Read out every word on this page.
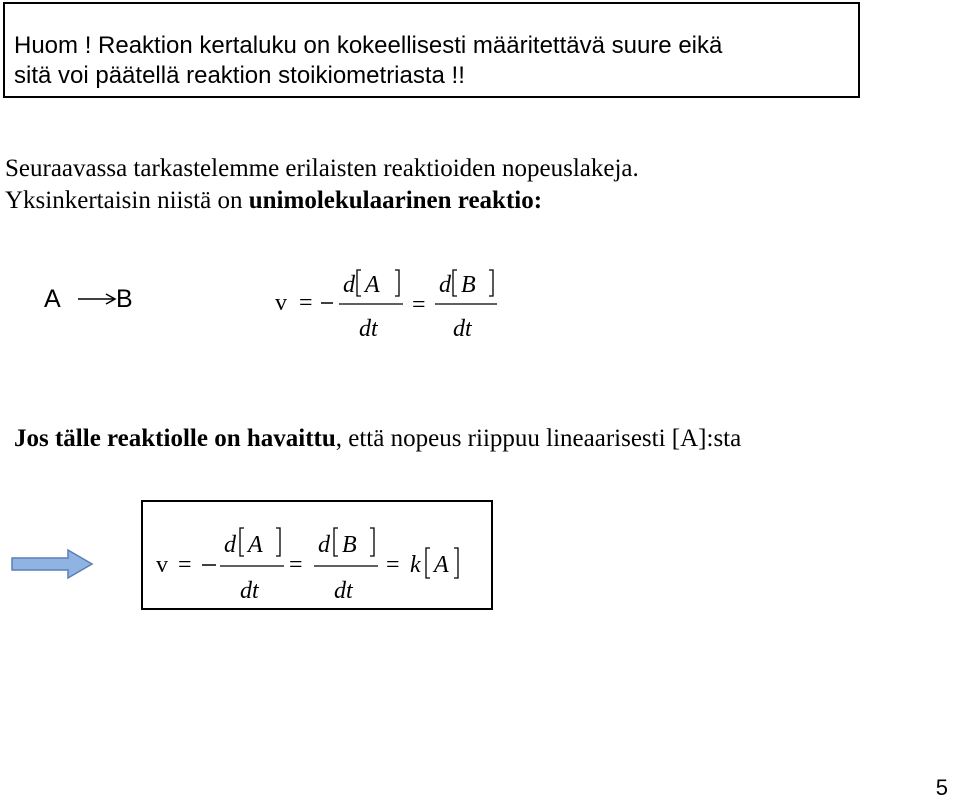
Huom ! Reaktion kertaluku on kokeellisesti määritettävä suure eikä
sitä voi päätellä reaktion stoikiometriasta !!
Seuraavassa tarkastelemme erilaisten reaktioiden nopeuslakeja.
Yksinkertaisin niistä on unimolekulaarinen reaktio:
A →
B	v =
d A
dt
=
d B
dt
Jos tälle reaktiolle on havaittu, että nopeus riippuu lineaarisesti [A]:sta
v =
d A
dt
=
d B
dt
= k A
5
